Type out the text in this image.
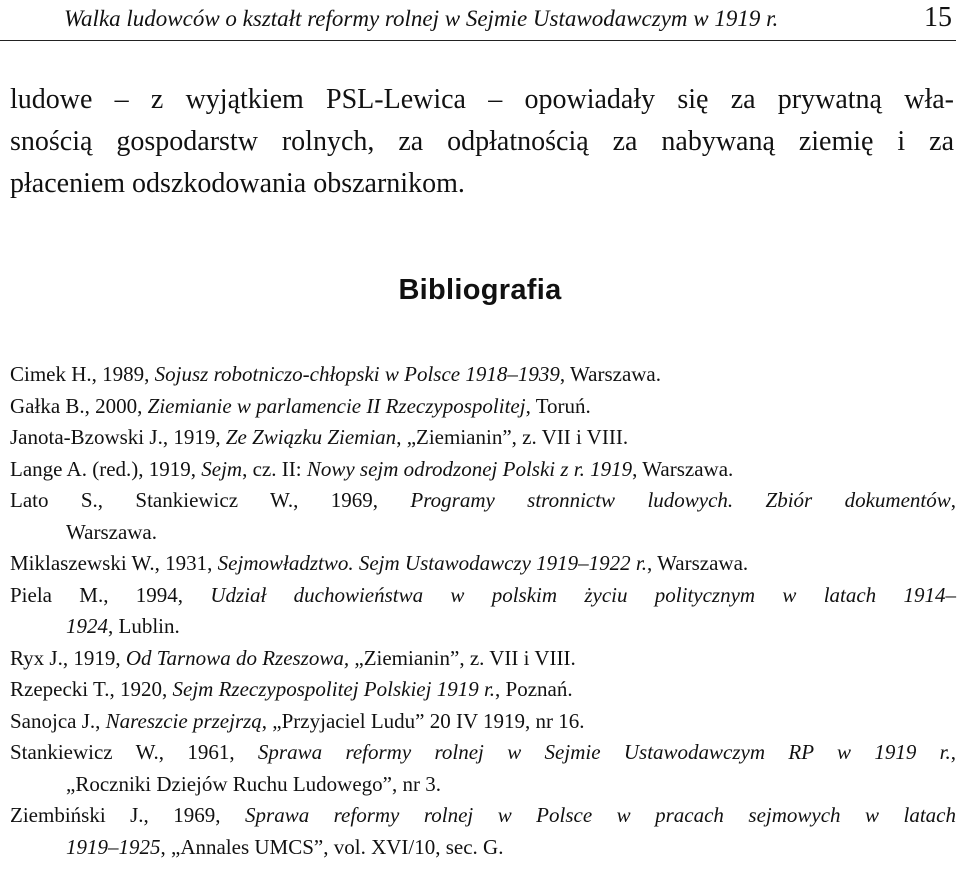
Walka ludowców o kształt reformy rolnej w Sejmie Ustawodawczym w 1919 r.	15

ludowe – z wyjątkiem PSL-Lewica – opowiadały się za prywatną wła-
snością gospodarstw rolnych, za odpłatnością za nabywaną ziemię i za
płaceniem odszkodowania obszarnikom.

Bibliografia
Cimek H., 1989, Sojusz robotniczo-chłopski w Polsce 1918–1939, Warszawa.
Gałka B., 2000, Ziemianie w parlamencie II Rzeczypospolitej, Toruń.
Janota-Bzowski J., 1919, Ze Związku Ziemian, „Ziemianin”, z. VII i VIII.
Lange A. (red.), 1919, Sejm, cz. II: Nowy sejm odrodzonej Polski z r. 1919, Warszawa.
Lato S., Stankiewicz W., 1969, Programy stronnictw ludowych. Zbiór dokumentów,
Warszawa.
Miklaszewski W., 1931, Sejmowładztwo. Sejm Ustawodawczy 1919–1922 r., Warszawa.
Piela M., 1994, Udział duchowieństwa w polskim życiu politycznym w latach 1914–
1924, Lublin.
Ryx J., 1919, Od Tarnowa do Rzeszowa, „Ziemianin”, z. VII i VIII.
Rzepecki T., 1920, Sejm Rzeczypospolitej Polskiej 1919 r., Poznań.
Sanojca J., Nareszcie przejrzą, „Przyjaciel Ludu” 20 IV 1919, nr 16.
Stankiewicz W., 1961, Sprawa reformy rolnej w Sejmie Ustawodawczym RP w 1919 r.,
„Roczniki Dziejów Ruchu Ludowego”, nr 3.
Ziembiński J., 1969, Sprawa reformy rolnej w Polsce w pracach sejmowych w latach
1919–1925, „Annales UMCS”, vol. XVI/10, sec. G.
